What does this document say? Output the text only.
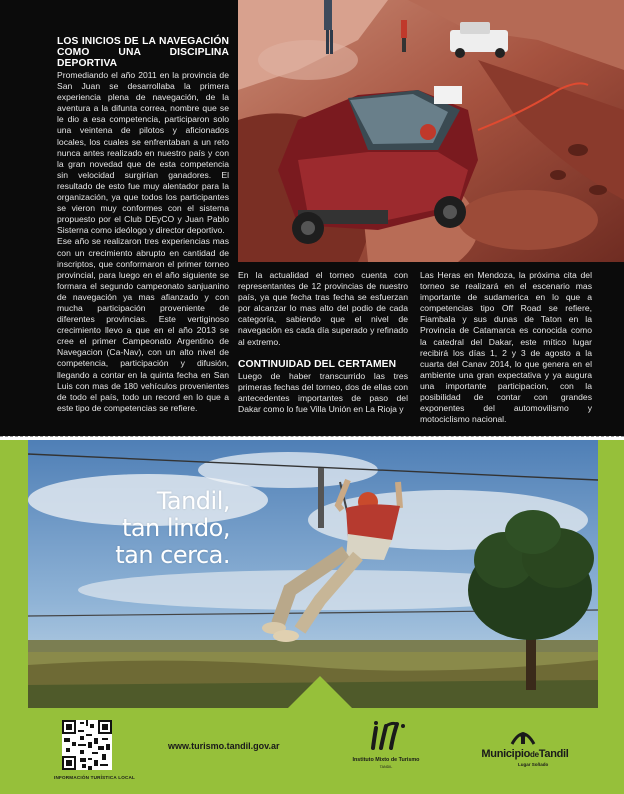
LOS INICIOS DE LA NAVEGACIÓN COMO UNA DISCIPLINA DEPORTIVA

Promediando el año 2011 en la provincia de San Juan se desarrollaba la primera experiencia plena de navegación, de la aventura a la difunta correa, nombre que se le dio a esa competencia, participaron solo una veintena de pilotos y aficionados locales, los cuales se enfrentaban a un reto nunca antes realizado en nuestro país y con la gran novedad que de esta competencia sin velocidad surgirían ganadores. El resultado de esto fue muy alentador para la organización, ya que todos los participantes se vieron muy conformes con el sistema propuesto por el Club DEyCO y Juan Pablo Sisterna como ideólogo y director deportivo.

Ese año se realizaron tres experiencias mas con un crecimiento abrupto en cantidad de inscriptos, que conformaron el primer torneo provincial, para luego en el año siguiente se formara el segundo campeonato sanjuanino de navegación ya mas afianzado y con mucha participación proveniente de diferentes provincias. Este vertiginoso crecimiento llevo a que en el año 2013 se cree el primer Campeonato Argentino de Navegacion (Ca-Nav), con un alto nivel de competencia, participación y difusión, llegando a contar en la quinta fecha en San Luis con mas de 180 vehículos provenientes de todo el país, todo un record en lo que a este tipo de competencias se refiere.

En la actualidad el torneo cuenta con representantes de 12 provincias de nuestro país, ya que fecha tras fecha se esfuerzan por alcanzar lo mas alto del podio de cada categoría, sabiendo que el nivel de navegación es cada día superado y refinado al extremo.

CONTINUIDAD DEL CERTAMEN

Luego de haber transcurrido las tres primeras fechas del torneo, dos de ellas con antecedentes importantes de paso del Dakar como lo fue Villa Unión en La Rioja y

Las Heras en Mendoza, la próxima cita del torneo se realizará en el escenario mas importante de sudamerica en lo que a competencias tipo Off Road se refiere, Fiambala y sus dunas de Taton en la Provincia de Catamarca es conocida como la catedral del Dakar, este mítico lugar recibirá los días 1, 2 y 3 de agosto a la cuarta del Canav 2014, lo que genera en el ambiente una gran expectativa y ya augura una importante participacion, con la posibilidad de contar con grandes exponentes del automovilismo y motociclismo nacional.

Tandil,
tan lindo,
tan cerca.
INFORMACIÓN TURÍSTICA LOCAL
www.turismo.tandil.gov.ar
Instituto Mixto de Turismo
TANDIL
MunicipiodeTandil
Lugar Soñado
